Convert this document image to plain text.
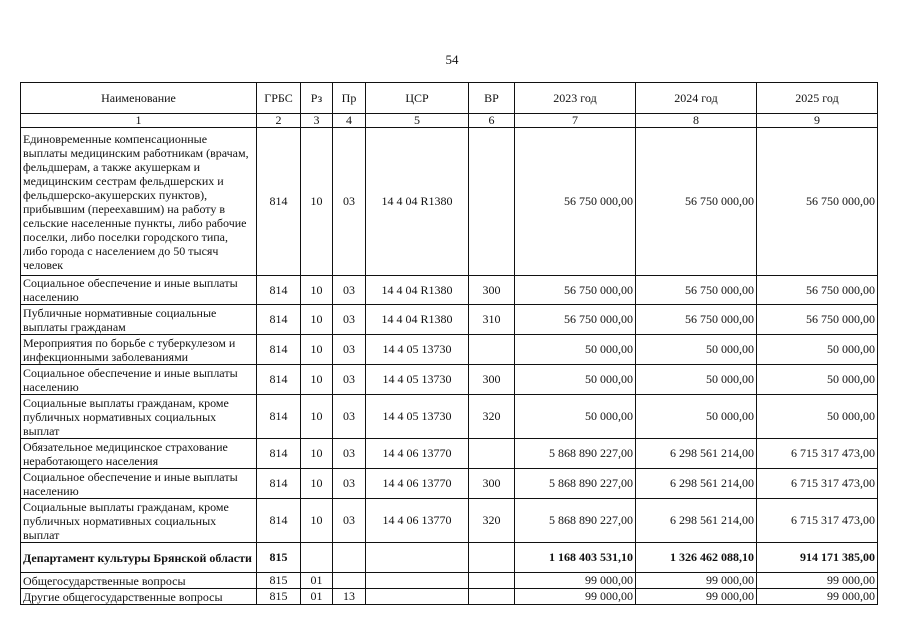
54
Наименование	ГРБС	Рз	Пр	ЦСР	ВР	2023 год	2024 год	2025 год
1	2	3	4	5	6	7	8	9
Единовременные компенсационные выплаты медицинским работникам (врачам, фельдшерам, а также акушеркам и медицинским сестрам фельдшерских и фельдшерско-акушерских пунктов), прибывшим (переехавшим) на работу в сельские населенные пункты, либо рабочие поселки, либо поселки городского типа, либо города с населением до 50 тысяч человек	814	10	03	14 4 04 R1380		56 750 000,00	56 750 000,00	56 750 000,00
Социальное обеспечение и иные выплаты населению	814	10	03	14 4 04 R1380	300	56 750 000,00	56 750 000,00	56 750 000,00
Публичные нормативные социальные выплаты гражданам	814	10	03	14 4 04 R1380	310	56 750 000,00	56 750 000,00	56 750 000,00
Мероприятия по борьбе с туберкулезом и инфекционными заболеваниями	814	10	03	14 4 05 13730		50 000,00	50 000,00	50 000,00
Социальное обеспечение и иные выплаты населению	814	10	03	14 4 05 13730	300	50 000,00	50 000,00	50 000,00
Социальные выплаты гражданам, кроме публичных нормативных социальных выплат	814	10	03	14 4 05 13730	320	50 000,00	50 000,00	50 000,00
Обязательное медицинское страхование неработающего населения	814	10	03	14 4 06 13770		5 868 890 227,00	6 298 561 214,00	6 715 317 473,00
Социальное обеспечение и иные выплаты населению	814	10	03	14 4 06 13770	300	5 868 890 227,00	6 298 561 214,00	6 715 317 473,00
Социальные выплаты гражданам, кроме публичных нормативных социальных выплат	814	10	03	14 4 06 13770	320	5 868 890 227,00	6 298 561 214,00	6 715 317 473,00
Департамент культуры Брянской области	815					1 168 403 531,10	1 326 462 088,10	914 171 385,00
Общегосударственные вопросы	815	01				99 000,00	99 000,00	99 000,00
Другие общегосударственные вопросы	815	01	13			99 000,00	99 000,00	99 000,00
